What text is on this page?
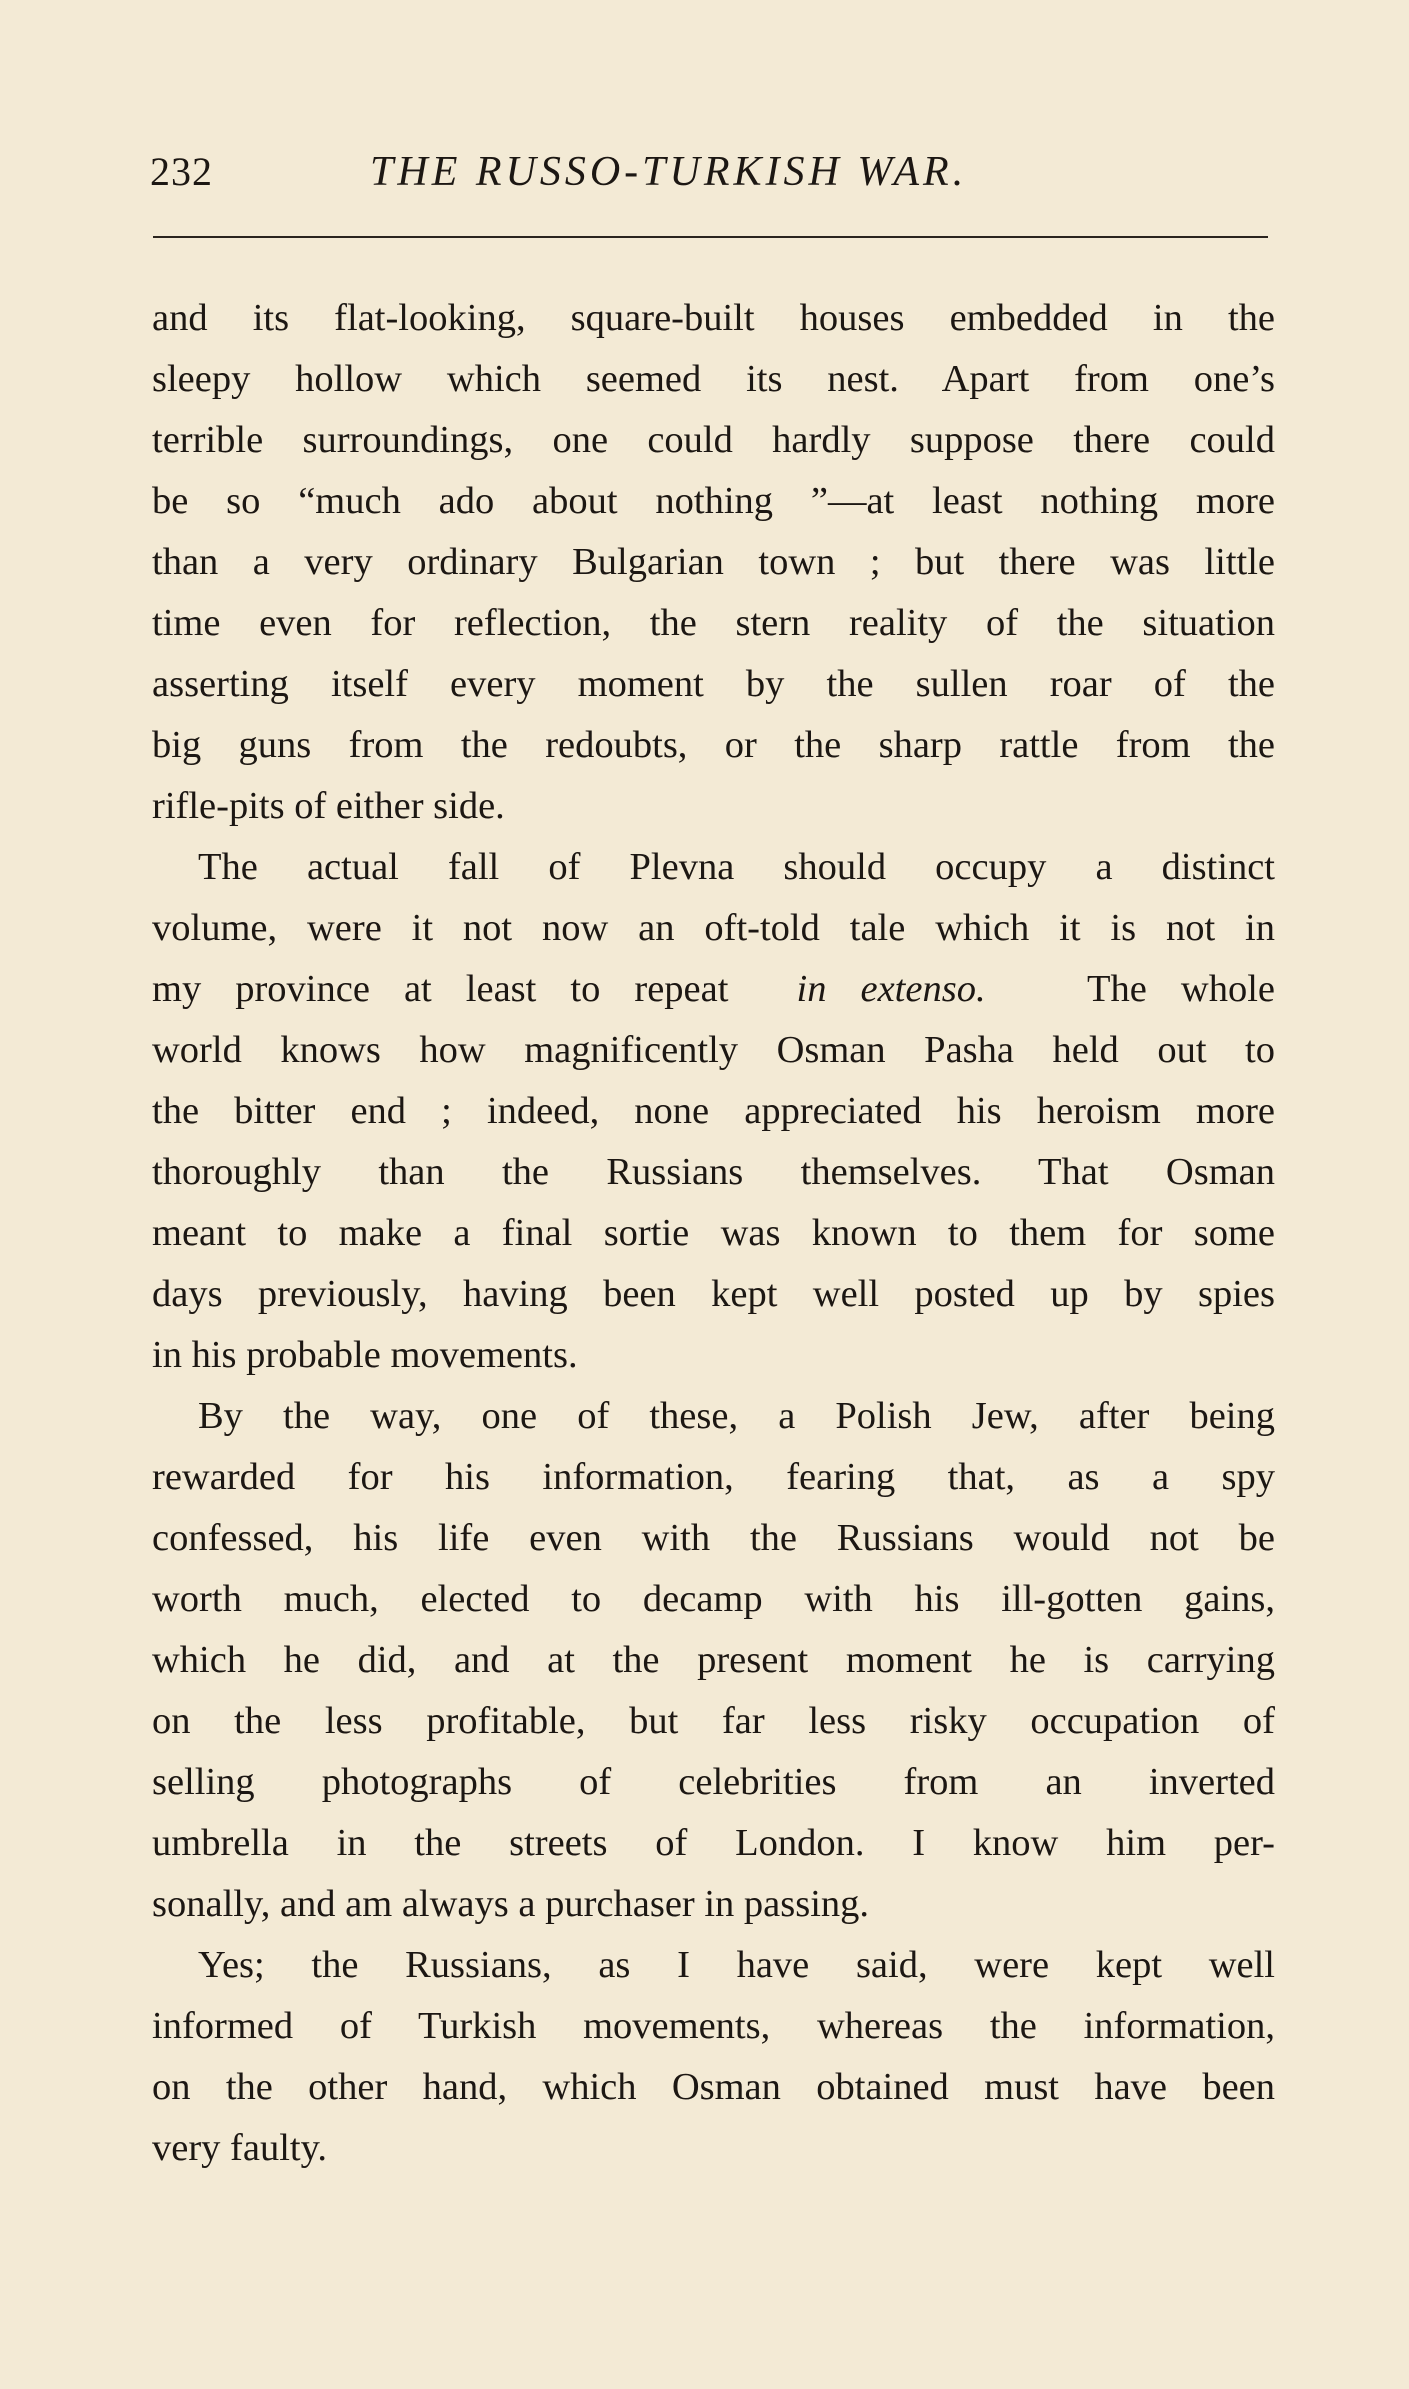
232	THE RUSSO-TURKISH WAR.
and its flat-looking, square-built houses embedded in the
sleepy hollow which seemed its nest. Apart from one’s
terrible surroundings, one could hardly suppose there could
be so “much ado about nothing ”—at least nothing more
than a very ordinary Bulgarian town ; but there was little
time even for reflection, the stern reality of the situation
asserting itself every moment by the sullen roar of the
big guns from the redoubts, or the sharp rattle from the
rifle-pits of either side.
The actual fall of Plevna should occupy a distinct
volume, were it not now an oft-told tale which it is not in
my province at least to repeat in extenso.	The whole
world knows how magnificently Osman Pasha held out to
the bitter end ; indeed, none appreciated his heroism more
thoroughly than the Russians themselves. That Osman
meant to make a final sortie was known to them for some
days previously, having been kept well posted up by spies
in his probable movements.
By the way, one of these, a Polish Jew, after being
rewarded for his information, fearing that, as a spy
confessed, his life even with the Russians would not be
worth much, elected to decamp with his ill-gotten gains,
which he did, and at the present moment he is carrying
on the less profitable, but far less risky occupation of
selling photographs of celebrities from an inverted
umbrella in the streets of London. I know him per-
sonally, and am always a purchaser in passing.
Yes; the Russians, as I have said, were kept well
informed of Turkish movements, whereas the information,
on the other hand, which Osman obtained must have been
very faulty.
